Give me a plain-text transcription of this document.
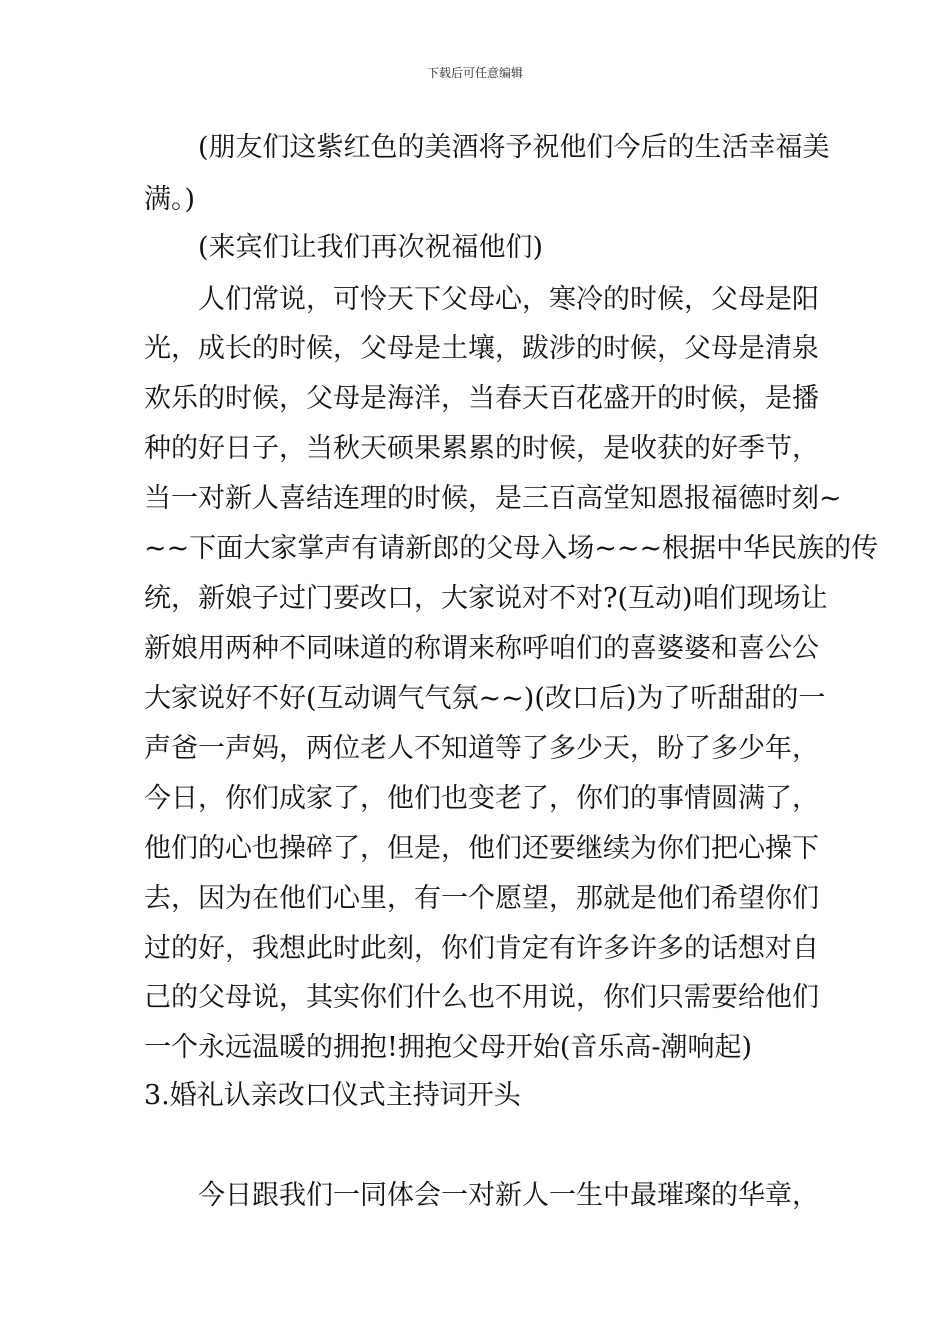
下载后可任意编辑
(朋友们这紫红色的美酒将予祝他们今后的生活幸福美
满。)
(来宾们让我们再次祝福他们)
人们常说，可怜天下父母心，寒冷的时候，父母是阳
光，成长的时候，父母是土壤，跋涉的时候，父母是清泉
欢乐的时候，父母是海洋，当春天百花盛开的时候，是播
种的好日子，当秋天硕果累累的时候，是收获的好季节，
当一对新人喜结连理的时候，是三百高堂知恩报福德时刻~
~~下面大家掌声有请新郎的父母入场~~~根据中华民族的传
统，新娘子过门要改口，大家说对不对?(互动)咱们现场让
新娘用两种不同味道的称谓来称呼咱们的喜婆婆和喜公公
大家说好不好(互动调气气氛~~)(改口后)为了听甜甜的一
声爸一声妈，两位老人不知道等了多少天，盼了多少年，
今日，你们成家了，他们也变老了，你们的事情圆满了，
他们的心也操碎了，但是，他们还要继续为你们把心操下
去，因为在他们心里，有一个愿望，那就是他们希望你们
过的好，我想此时此刻，你们肯定有许多许多的话想对自
己的父母说，其实你们什么也不用说，你们只需要给他们
一个永远温暖的拥抱!拥抱父母开始(音乐高-潮响起)
3.婚礼认亲改口仪式主持词开头
今日跟我们一同体会一对新人一生中最璀璨的华章，
